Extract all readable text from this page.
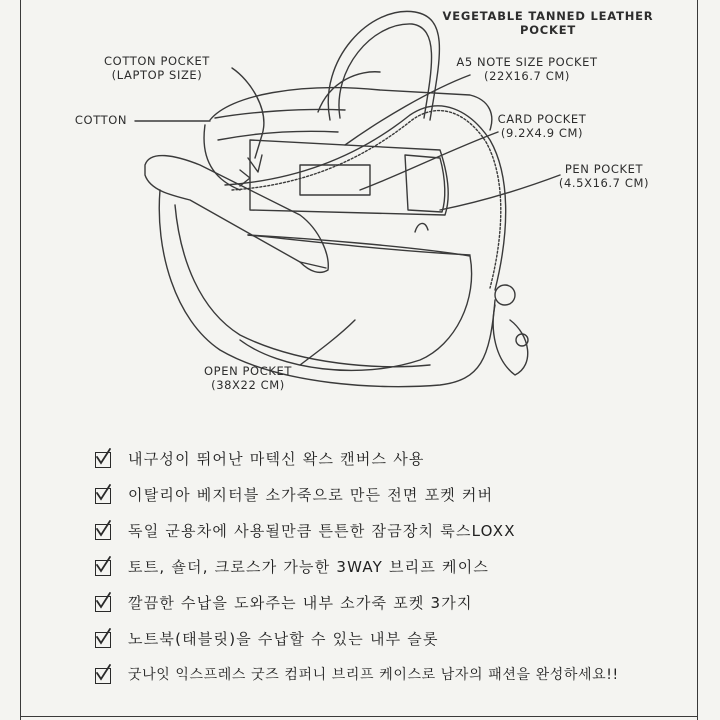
VEGETABLE TANNED LEATHER
POCKET
COTTON POCKET
(LAPTOP SIZE)
COTTON
A5 NOTE SIZE POCKET
(22X16.7 CM)
CARD POCKET
(9.2X4.9 CM)
PEN POCKET
(4.5X16.7 CM)
OPEN POCKET
(38X22 CM)
내구성이 뛰어난 마텍신 왁스 캔버스 사용
이탈리아 베지터블 소가죽으로 만든 전면 포켓 커버
독일 군용차에 사용될만큼 튼튼한 잠금장치 룩스LOXX
토트, 숄더, 크로스가 가능한 3WAY 브리프 케이스
깔끔한 수납을 도와주는 내부 소가죽 포켓 3가지
노트북(태블릿)을 수납할 수 있는 내부 슬롯
굿나잇 익스프레스 굿즈 컴퍼니 브리프 케이스로 남자의 패션을 완성하세요!!
